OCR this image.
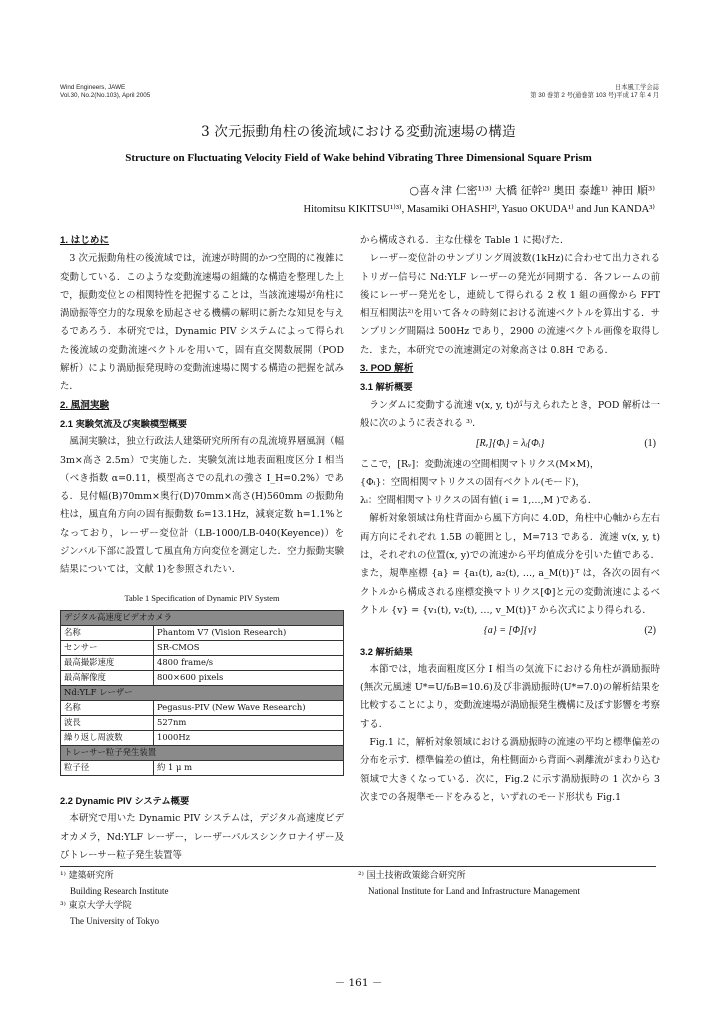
Wind Engineers, JAWE
Vol.30, No.2(No.103), April 2005
日本風工学会誌
第 30 巻第 2 号(通巻第 103 号)平成 17 年 4 月
3 次元振動角柱の後流域における変動流速場の構造
Structure on Fluctuating Velocity Field of Wake behind Vibrating Three Dimensional Square Prism
○喜々津 仁密¹⁾³⁾ 大橋 征幹²⁾ 奥田 泰雄¹⁾ 神田 順³⁾
Hitomitsu KIKITSU¹⁾³⁾, Masamiki OHASHI²⁾, Yasuo OKUDA¹⁾ and Jun KANDA³⁾
1. はじめに

3 次元振動角柱の後流域では，流速が時間的かつ空間的に複雑に変動している．このような変動流速場の組織的な構造を整理した上で，振動変位との相関特性を把握することは，当該流速場が角柱に渦励振等空力的な現象を励起させる機構の解明に新たな知見を与えるであろう．本研究では，Dynamic PIV システムによって得られた後流域の変動流速ベクトルを用いて，固有直交関数展開（POD 解析）により渦励振発現時の変動流速場に関する構造の把握を試みた．

2. 風洞実験
2.1 実験気流及び実験模型概要

風洞実験は，独立行政法人建築研究所所有の乱流境界層風洞（幅 3m×高さ 2.5m）で実施した．実験気流は地表面粗度区分 I 相当（べき指数 α=0.11，模型高さでの乱れの強さ I_H=0.2%）である．見付幅(B)70mm×奥行(D)70mm×高さ(H)560mm の振動角柱は，風直角方向の固有振動数 f₀=13.1Hz，減衰定数 h=1.1%となっており，レーザー変位計（LB-1000/LB-040(Keyence)）をジンバル下部に設置して風直角方向変位を測定した．空力振動実験結果については，文献 1)を参照されたい．

Table 1 Specification of Dynamic PIV System
デジタル高速度ビデオカメラ	
名称	Phantom V7 (Vision Research)
センサー	SR-CMOS
最高撮影速度	4800 frame/s
最高解像度	800×600 pixels
Nd:YLF レーザー	
名称	Pegasus-PIV (New Wave Research)
波長	527nm
繰り返し周波数	1000Hz
トレーサー粒子発生装置	
粒子径	約 1 μ m
2.2 Dynamic PIV システム概要

本研究で用いた Dynamic PIV システムは，デジタル高速度ビデオカメラ，Nd:YLF レーザー，レーザーパルスシンクロナイザー及びトレーサー粒子発生装置等

から構成される．主な仕様を Table 1 に掲げた．

レーザー変位計のサンプリング周波数(1kHz)に合わせて出力されるトリガー信号に Nd:YLF レーザーの発光が同期する．各フレームの前後にレーザー発光をし，連続して得られる 2 枚 1 組の画像から FFT 相互相関法²⁾を用いて各々の時刻における流速ベクトルを算出する．サンプリング間隔は 500Hz であり，2900 の流速ベクトル画像を取得した．また，本研究での流速測定の対象高さは 0.8H である．

3. POD 解析
3.1 解析概要

ランダムに変動する流速 v(x, y, t)が与えられたとき，POD 解析は一般に次のように表される ³⁾．

[Rᵥ]{Φᵢ} = λᵢ{Φᵢ}	(1)

ここで，[Rᵥ]：変動流速の空間相関マトリクス(M×M)，

{Φᵢ}：空間相関マトリクスの固有ベクトル(モード)，

λᵢ：空間相関マトリクスの固有値( i = 1,…,M )である．

解析対象領域は角柱背面から風下方向に 4.0D，角柱中心軸から左右両方向にそれぞれ 1.5B の範囲とし，M=713 である．流速 v(x, y, t)は，それぞれの位置(x, y)での流速から平均値成分を引いた値である．また，規準座標 {a} = {a₁(t), a₂(t), …, a_M(t)}ᵀ は，各次の固有ベクトルから構成される座標変換マトリクス[Φ]と元の変動流速によるベクトル {v} = {v₁(t), v₂(t), …, v_M(t)}ᵀ から次式により得られる．

{a} = [Φ]{v}	(2)
3.2 解析結果

本節では，地表面粗度区分 I 相当の気流下における角柱が渦励振時(無次元風速 U*=U/f₀B=10.6)及び非渦励振時(U*=7.0)の解析結果を比較することにより，変動流速場が渦励振発生機構に及ぼす影響を考察する．

Fig.1 に，解析対象領域における渦励振時の流速の平均と標準偏差の分布を示す．標準偏差の値は，角柱側面から背面へ剥離流がまわり込む領域で大きくなっている．次に，Fig.2 に示す渦励振時の 1 次から 3 次までの各規準モードをみると，いずれのモード形状も Fig.1

¹⁾ 建築研究所
Building Research Institute
³⁾ 東京大学大学院
The University of Tokyo
²⁾ 国土技術政策総合研究所
National Institute for Land and Infrastructure Management
－ 161 －
